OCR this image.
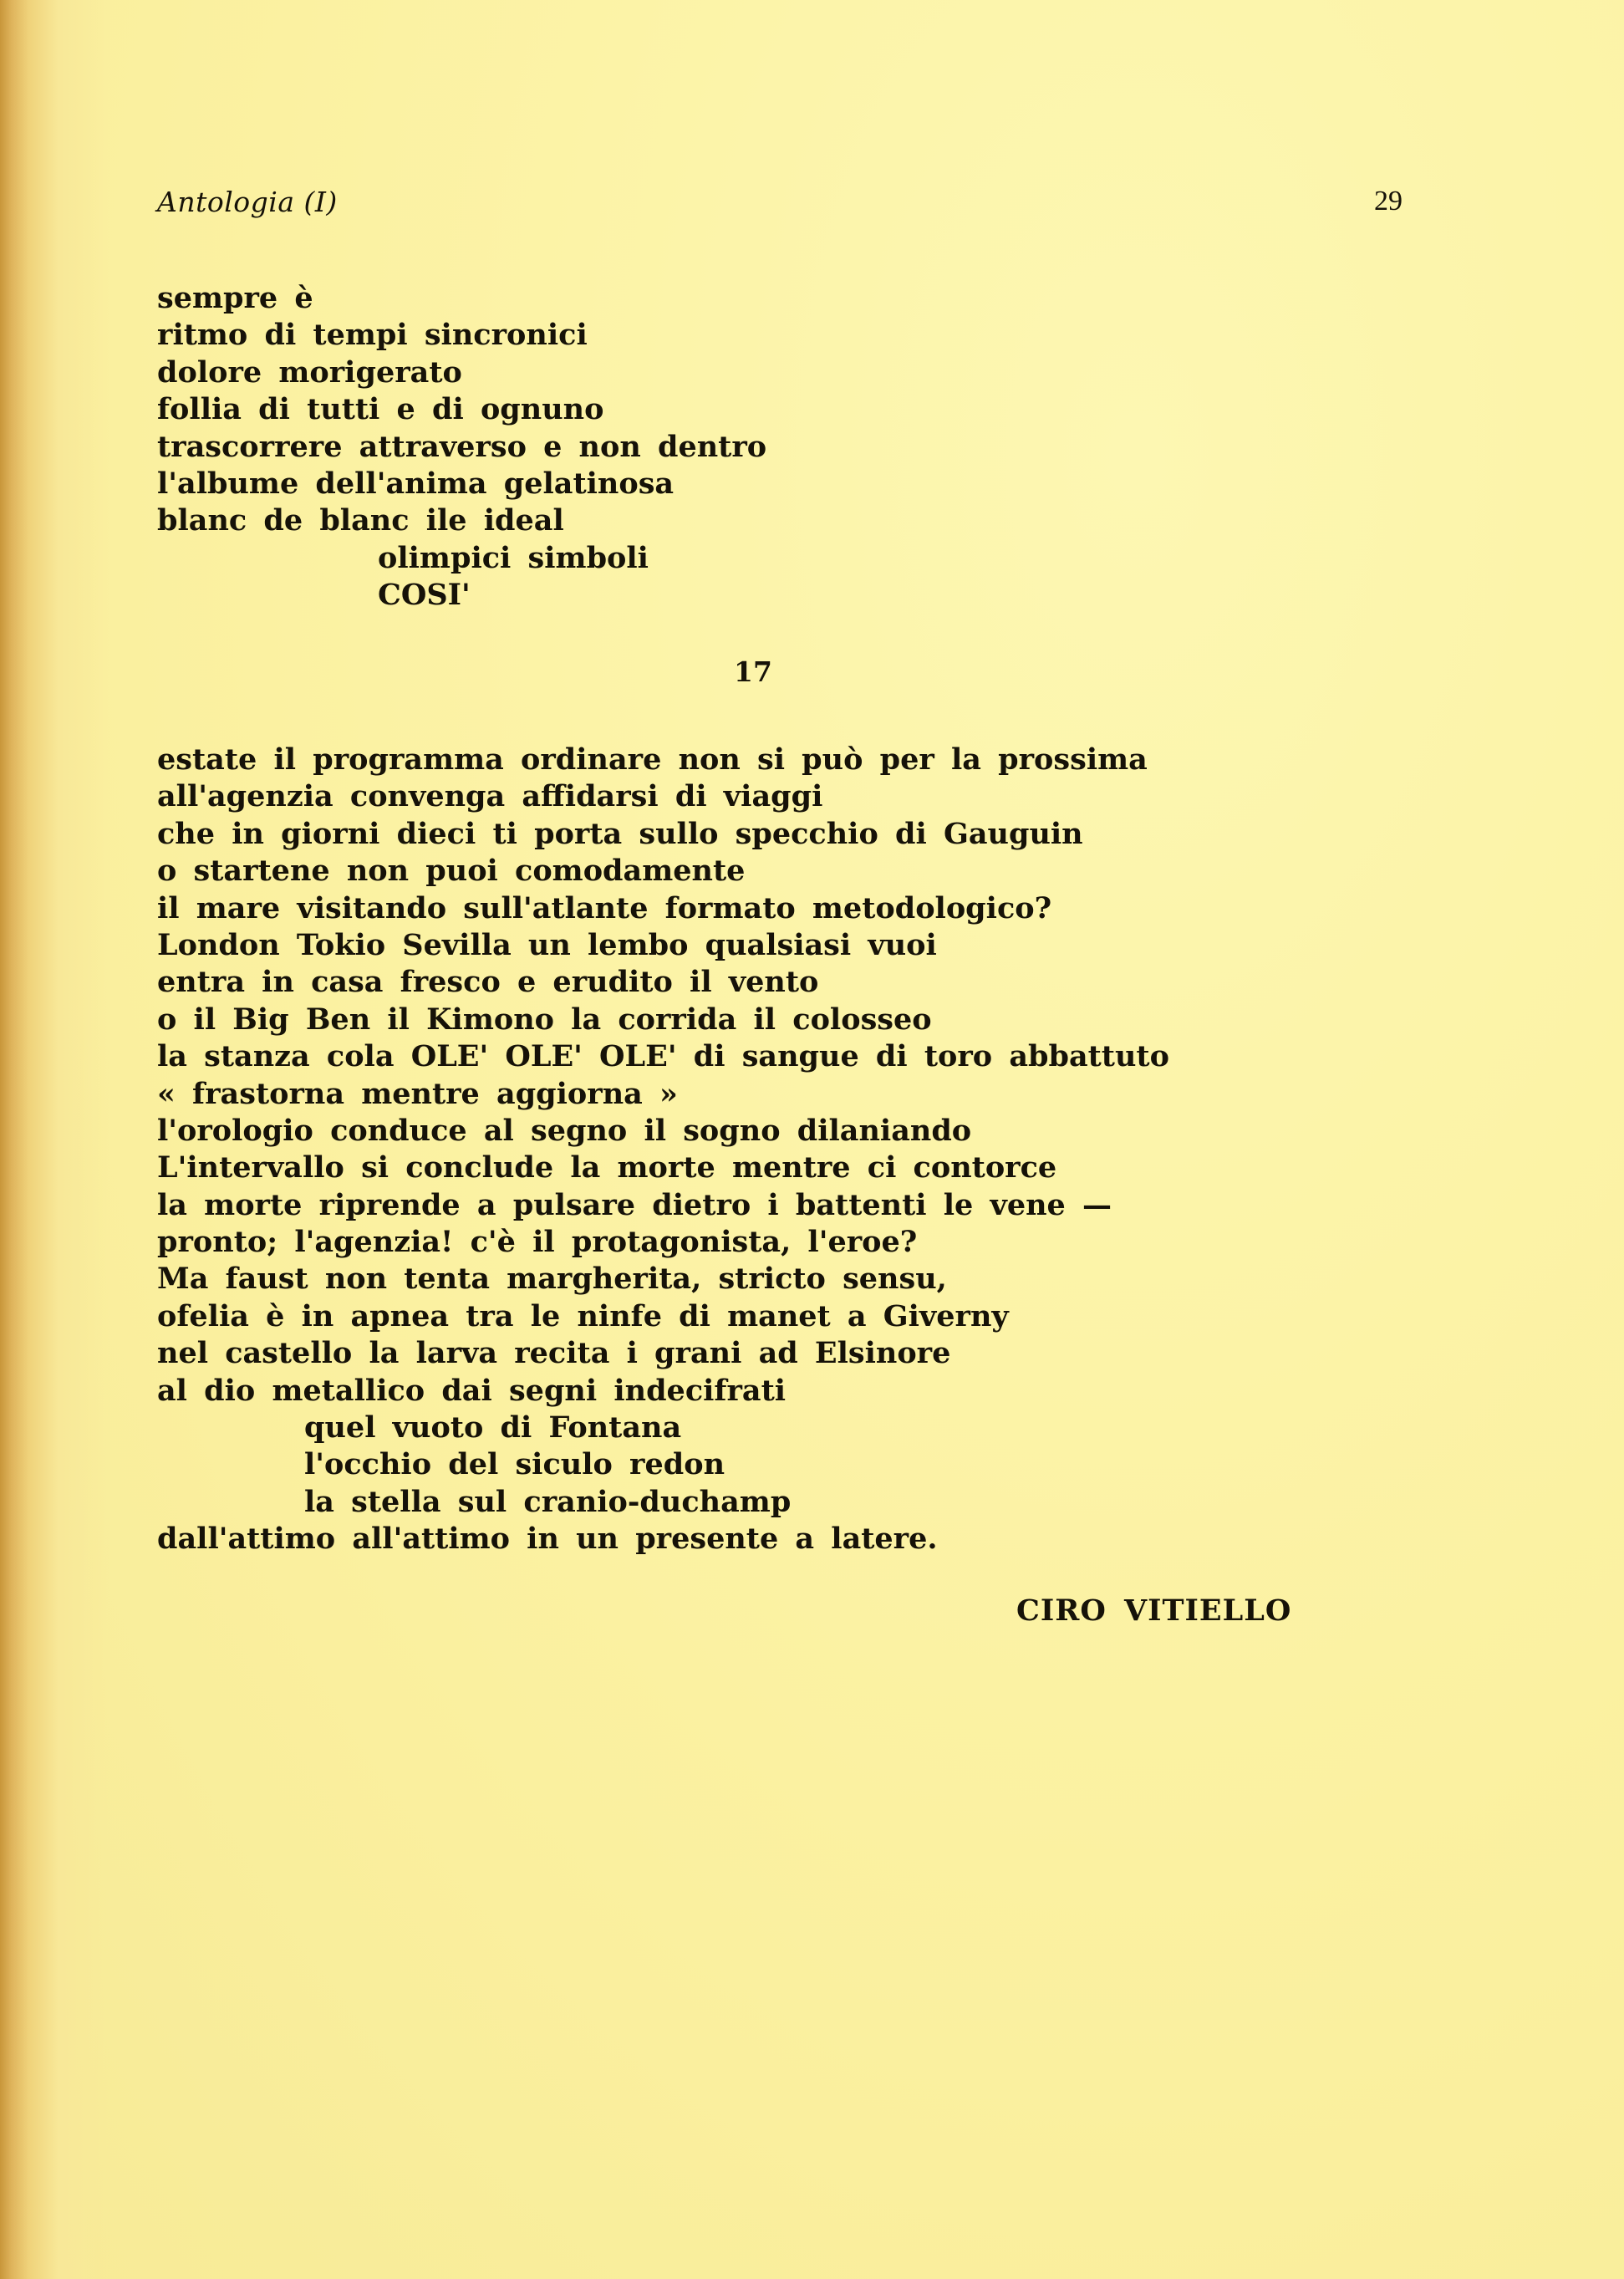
Antologia (I)	29
sempre è
ritmo di tempi sincronici
dolore morigerato
follia di tutti e di ognuno
trascorrere attraverso e non dentro
l'albume dell'anima gelatinosa
blanc de blanc ile ideal
olimpici simboli
COSI'
17
estate il programma ordinare non si può per la prossima
all'agenzia convenga affidarsi di viaggi
che in giorni dieci ti porta sullo specchio di Gauguin
o startene non puoi comodamente
il mare visitando sull'atlante formato metodologico?
London Tokio Sevilla un lembo qualsiasi vuoi
entra in casa fresco e erudito il vento
o il Big Ben il Kimono la corrida il colosseo
la stanza cola OLE' OLE' OLE' di sangue di toro abbattuto
« frastorna mentre aggiorna »
l'orologio conduce al segno il sogno dilaniando
L'intervallo si conclude la morte mentre ci contorce
la morte riprende a pulsare dietro i battenti le vene —
pronto; l'agenzia! c'è il protagonista, l'eroe?
Ma faust non tenta margherita, stricto sensu,
ofelia è in apnea tra le ninfe di manet a Giverny
nel castello la larva recita i grani ad Elsinore
al dio metallico dai segni indecifrati
quel vuoto di Fontana
l'occhio del siculo redon
la stella sul cranio-duchamp
dall'attimo all'attimo in un presente a latere.
CIRO VITIELLO
